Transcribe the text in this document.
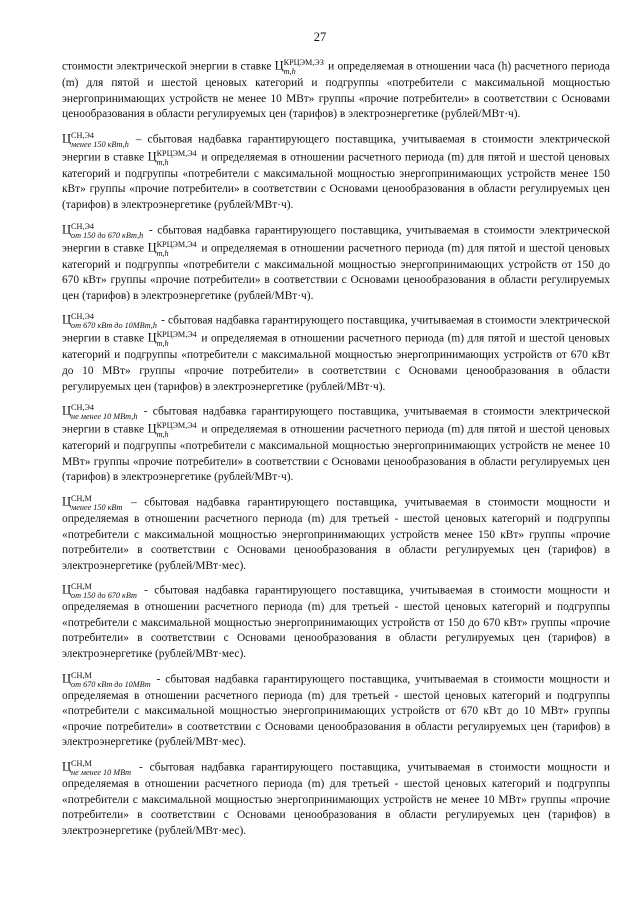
27

стоимости электрической энергии в ставке Ц КРЦЭМ,ЭЗ
m,h	и определяемая в отношении часа (h) расчетного периода (m) для пятой и шестой ценовых категорий и подгруппы «потребители с максимальной мощностью энергопринимающих устройств не менее 10 МВт» группы «прочие потребители» в соответствии с Основами ценообразования в области регулируемых цен (тарифов) в электроэнергетике (рублей/МВт·ч).

Ц СН,Э4
менее 150 кВт,h – сбытовая надбавка гарантирующего поставщика, учитываемая в стоимости электрической энергии в ставке Ц КРЦЭМ,Э4
m,h	и определяемая в отношении расчетного периода (m) для пятой и шестой ценовых категорий и подгруппы «потребители с максимальной мощностью энергопринимающих устройств менее 150 кВт» группы «прочие потребители» в соответствии с Основами ценообразования в области регулируемых цен (тарифов) в электроэнергетике (рублей/МВт·ч).

Ц СН,Э4
от 150 до 670 кВт,h - сбытовая надбавка гарантирующего поставщика, учитываемая в стоимости электрической энергии в ставке Ц КРЦЭМ,Э4
m,h	и определяемая в отношении расчетного периода (m) для пятой и шестой ценовых категорий и подгруппы «потребители с максимальной мощностью энергопринимающих устройств от 150 до 670 кВт» группы «прочие потребители» в соответствии с Основами ценообразования в области регулируемых цен (тарифов) в электроэнергетике (рублей/МВт·ч).

Ц СН,Э4
от 670 кВт до 10МВт,h - сбытовая надбавка гарантирующего поставщика, учитываемая в стоимости электрической энергии в ставке Ц КРЦЭМ,Э4
m,h	и определяемая в отношении расчетного периода (m) для пятой и шестой ценовых категорий и подгруппы «потребители с максимальной мощностью энергопринимающих устройств от 670 кВт до 10 МВт» группы «прочие потребители» в соответствии с Основами ценообразования в области регулируемых цен (тарифов) в электроэнергетике (рублей/МВт·ч).

Ц СН,Э4
не менее 10 МВт,h - сбытовая надбавка гарантирующего поставщика, учитываемая в стоимости электрической энергии в ставке Ц КРЦЭМ,Э4
m,h	и определяемая в отношении расчетного периода (m) для пятой и шестой ценовых категорий и подгруппы «потребители с максимальной мощностью энергопринимающих устройств не менее 10 МВт» группы «прочие потребители» в соответствии с Основами ценообразования в области регулируемых цен (тарифов) в электроэнергетике (рублей/МВт·ч).

Ц СН,М
менее 150 кВт – сбытовая надбавка гарантирующего поставщика, учитываемая в стоимости мощности и определяемая в отношении расчетного периода (m) для третьей - шестой ценовых категорий и подгруппы «потребители с максимальной мощностью энергопринимающих устройств менее 150 кВт» группы «прочие потребители» в соответствии с Основами ценообразования в области регулируемых цен (тарифов) в электроэнергетике (рублей/МВт·мес).

Ц СН,М
от 150 до 670 кВт - сбытовая надбавка гарантирующего поставщика, учитываемая в стоимости мощности и определяемая в отношении расчетного периода (m) для третьей - шестой ценовых категорий и подгруппы «потребители с максимальной мощностью энергопринимающих устройств от 150 до 670 кВт» группы «прочие потребители» в соответствии с Основами ценообразования в области регулируемых цен (тарифов) в электроэнергетике (рублей/МВт·мес).

Ц СН,М
от 670 кВт до 10МВт - сбытовая надбавка гарантирующего поставщика, учитываемая в стоимости мощности и определяемая в отношении расчетного периода (m) для третьей - шестой ценовых категорий и подгруппы «потребители с максимальной мощностью энергопринимающих устройств от 670 кВт до 10 МВт» группы «прочие потребители» в соответствии с Основами ценообразования в области регулируемых цен (тарифов) в электроэнергетике (рублей/МВт·мес).

Ц СН,М
не менее 10 МВт - сбытовая надбавка гарантирующего поставщика, учитываемая в стоимости мощности и определяемая в отношении расчетного периода (m) для третьей - шестой ценовых категорий и подгруппы «потребители с максимальной мощностью энергопринимающих устройств не менее 10 МВт» группы «прочие потребители» в соответствии с Основами ценообразования в области регулируемых цен (тарифов) в электроэнергетике (рублей/МВт·мес).
